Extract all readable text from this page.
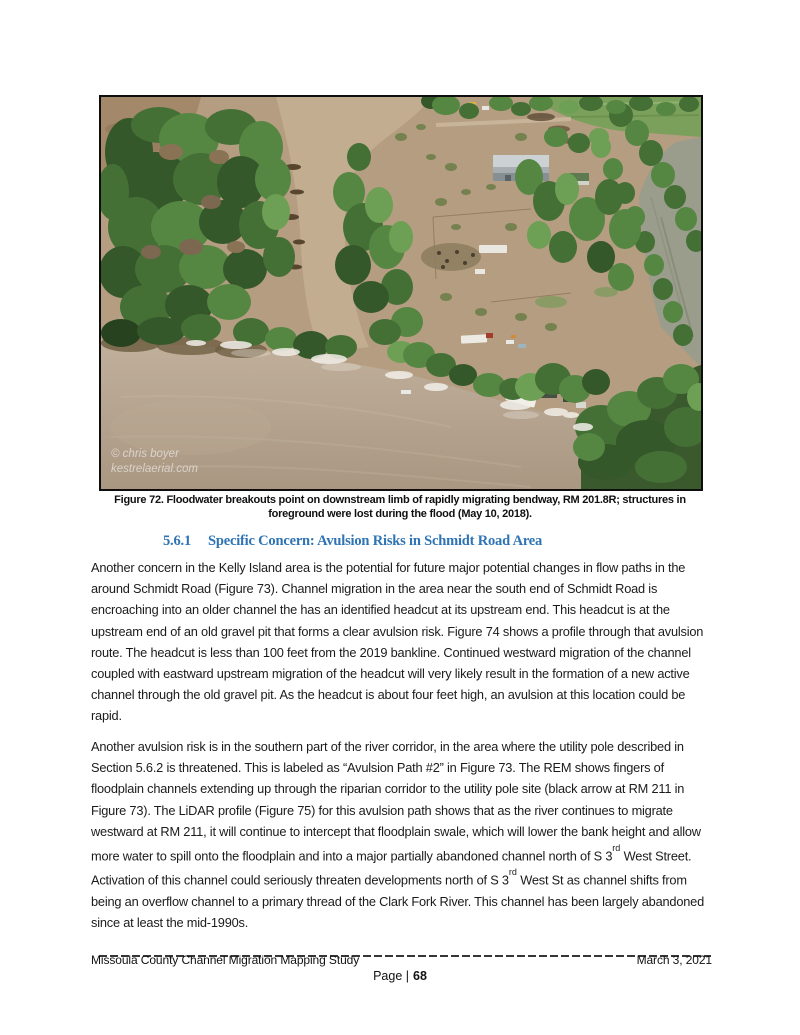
© chris boyer
kestrelaerial.com
Figure 72. Floodwater breakouts point on downstream limb of rapidly migrating bendway, RM 201.8R; structures in
foreground were lost during the flood (May 10, 2018).
5.6.1 Specific Concern: Avulsion Risks in Schmidt Road Area

Another concern in the Kelly Island area is the potential for future major potential changes in flow paths in the around Schmidt Road (Figure 73). Channel migration in the area near the south end of Schmidt Road is encroaching into an older channel the has an identified headcut at its upstream end. This headcut is at the upstream end of an old gravel pit that forms a clear avulsion risk. Figure 74 shows a profile through that avulsion route. The headcut is less than 100 feet from the 2019 bankline. Continued westward migration of the channel coupled with eastward upstream migration of the headcut will very likely result in the formation of a new active channel through the old gravel pit. As the headcut is about four feet high, an avulsion at this location could be rapid.

Another avulsion risk is in the southern part of the river corridor, in the area where the utility pole described in Section 5.6.2 is threatened. This is labeled as “Avulsion Path #2” in Figure 73. The REM shows fingers of floodplain channels extending up through the riparian corridor to the utility pole site (black arrow at RM 211 in Figure 73). The LiDAR profile (Figure 75) for this avulsion path shows that as the river continues to migrate westward at RM 211, it will continue to intercept that floodplain swale, which will lower the bank height and allow more water to spill onto the floodplain and into a major partially abandoned channel north of S 3rd West Street. Activation of this channel could seriously threaten developments north of S 3rd West St as channel shifts from being an overflow channel to a primary thread of the Clark Fork River. This channel has been largely abandoned since at least the mid-1990s.

Missoula County Channel Migration Mapping Study	March 3, 2021
Page | 68
